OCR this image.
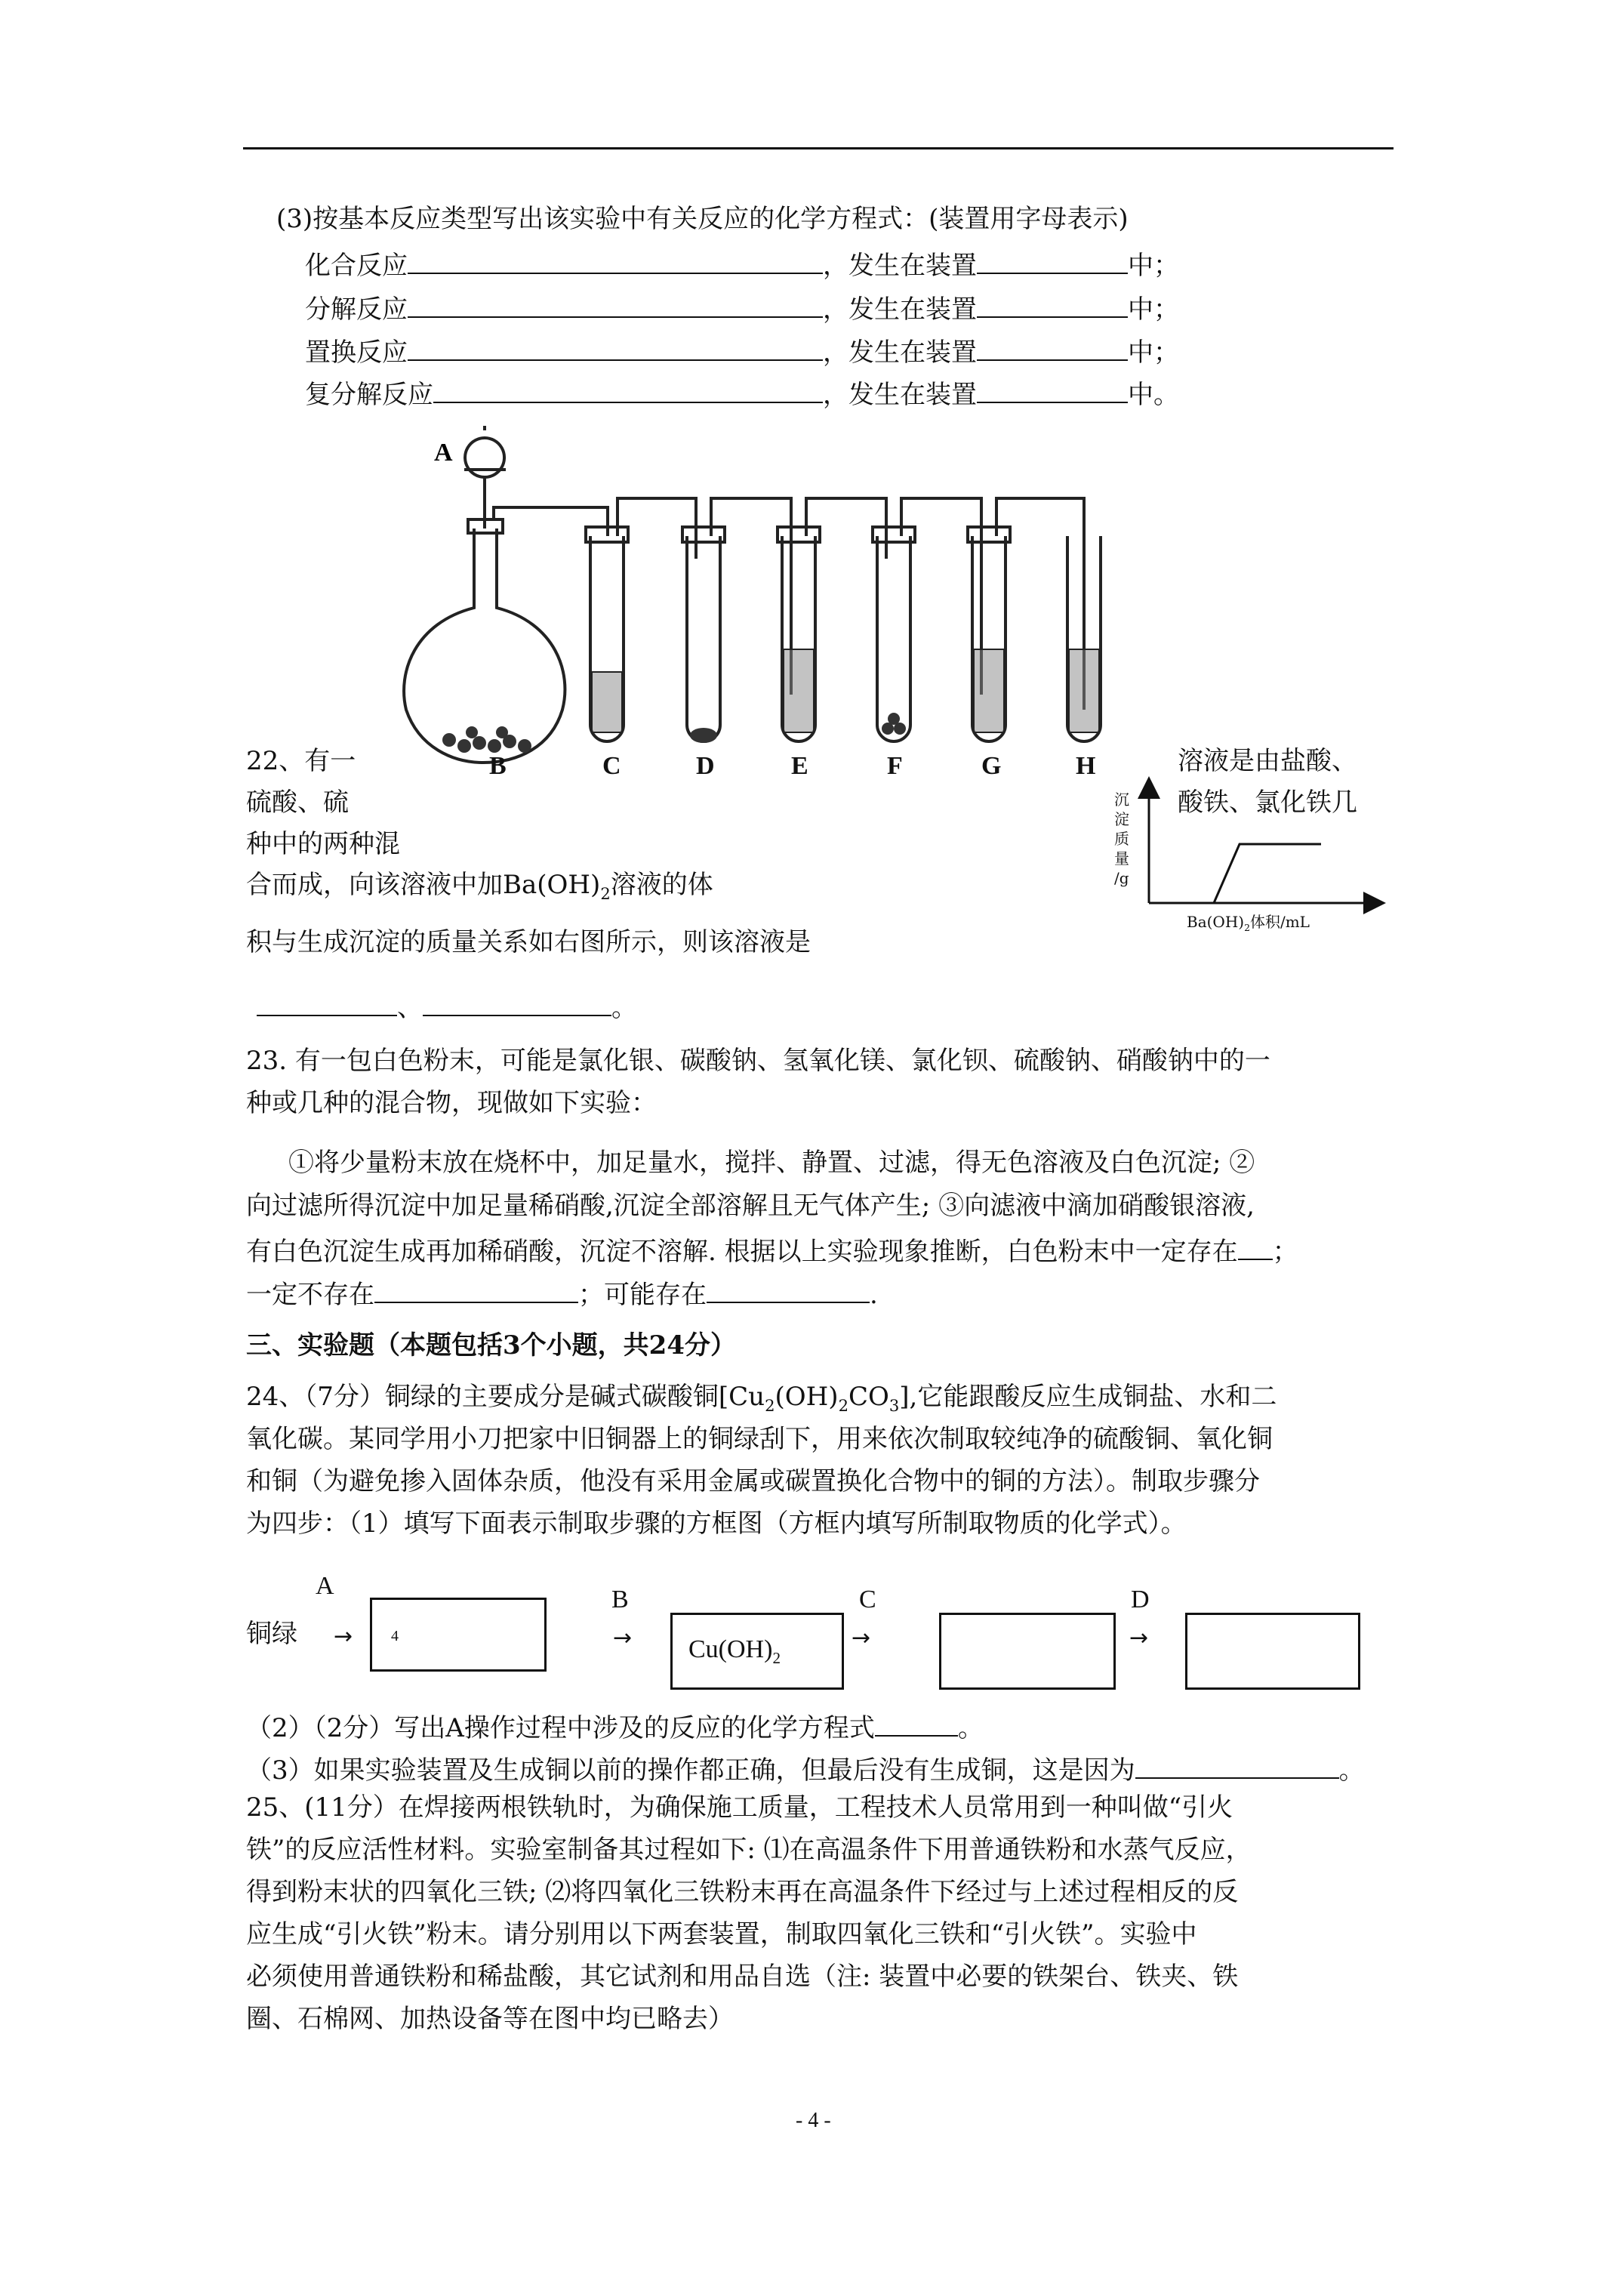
(3)按基本反应类型写出该实验中有关反应的化学方程式：(装置用字母表示)
化合反应	，发生在装置	中；
分解反应	，发生在装置	中；
置换反应	，发生在装置	中；
复分解反应	，发生在装置	中。
A
B	C	D	E	F	G	H
22、有一	溶液是由盐酸、
硫酸、硫	酸铁、氯化铁几
种中的两种混
合而成，向该溶液中加$Ba(OH)_2$溶液的体
积与生成沉淀的质量关系如右图所示，则该溶液是
、	。
沉
淀
质
量
/g
$Ba(OH)_2$体积/mL
23. 有一包白色粉末，可能是氯化银、碳酸钠、氢氧化镁、氯化钡、硫酸钠、硝酸钠中的一
种或几种的混合物，现做如下实验：
①将少量粉末放在烧杯中，加足量水，搅拌、静置、过滤，得无色溶液及白色沉淀; ②
向过滤所得沉淀中加足量稀硝酸,沉淀全部溶解且无气体产生; ③向滤液中滴加硝酸银溶液,
有白色沉淀生成再加稀硝酸，沉淀不溶解. 根据以上实验现象推断，白色粉末中一定存在 ；
一定不存在	；可能存在	.
三、实验题（本题包括3个小题，共24分）
24、（7分）铜绿的主要成分是碱式碳酸铜$[Cu_2(OH)_2CO_3]$,它能跟酸反应生成铜盐、水和二
氧化碳。某同学用小刀把家中旧铜器上的铜绿刮下，用来依次制取较纯净的硫酸铜、氧化铜
和铜（为避免掺入固体杂质，他没有采用金属或碳置换化合物中的铜的方法）。制取步骤分
为四步：（1）填写下面表示制取步骤的方框图（方框内填写所制取物质的化学式）。
铜绿
A
→	4
B
→ $Cu(OH)_2$
C
→
D
→
（2）（2分）写出A操作过程中涉及的反应的化学方程式	。
（3）如果实验装置及生成铜以前的操作都正确，但最后没有生成铜，这是因为	。
25、(11分）在焊接两根铁轨时，为确保施工质量，工程技术人员常用到一种叫做“引火
铁”的反应活性材料。实验室制备其过程如下: ⑴在高温条件下用普通铁粉和水蒸气反应，
得到粉末状的四氧化三铁; ⑵将四氧化三铁粉末再在高温条件下经过与上述过程相反的反
应生成“引火铁”粉末。请分别用以下两套装置，制取四氧化三铁和“引火铁”。实验中
必须使用普通铁粉和稀盐酸，其它试剂和用品自选（注: 装置中必要的铁架台、铁夹、铁
圈、石棉网、加热设备等在图中均已略去）
- 4 -
